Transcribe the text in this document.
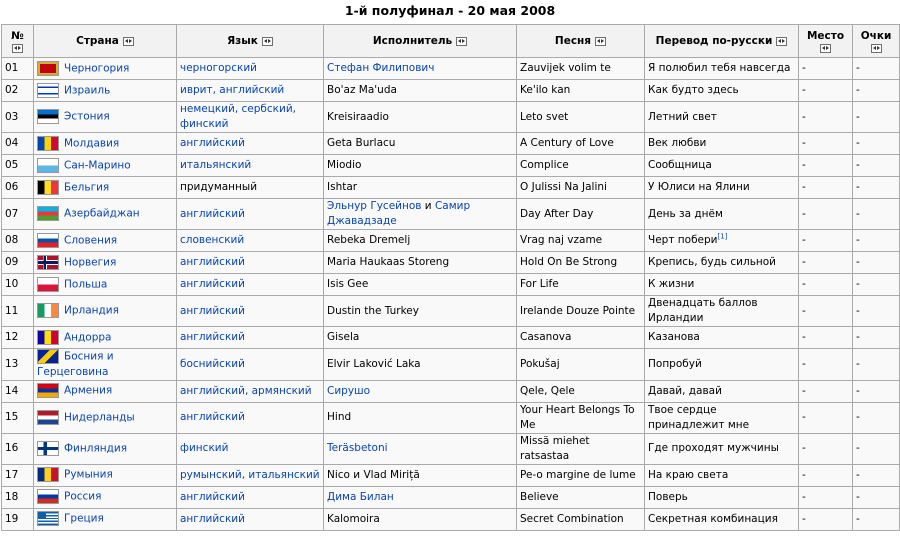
1-й полуфинал - 20 мая 2008
№	Страна	Язык	Исполнитель	Песня	Перевод по-русски	Место	Очки

01	Черногория	черногорский	Стефан Филипович	Zauvijek volim te	Я полюбил тебя навсегда	-	-
02	Израиль	иврит, английский	Bo'az Ma'uda	Ke'ilo kan	Как будто здесь	-	-
03	Эстония	немецкий, сербский, финский	Kreisiraadio	Leto svet	Летний свет	-	-
04	Молдавия	английский	Geta Burlacu	A Century of Love	Век любви	-	-
05	Сан-Марино	итальянский	Miodio	Complice	Сообщница	-	-
06	Бельгия	придуманный	Ishtar	O Julissi Na Jalini	У Юлиси на Ялини	-	-
07	Азербайджан	английский	Эльнур Гусейнов и Самир Джавадзаде	Day After Day	День за днём	-	-
08	Словения	словенский	Rebeka Dremelj	Vrag naj vzame	Черт побери[1]	-	-
09	Норвегия	английский	Maria Haukaas Storeng	Hold On Be Strong	Крепись, будь сильной	-	-
10	Польша	английский	Isis Gee	For Life	К жизни	-	-
11	Ирландия	английский	Dustin the Turkey	Irelande Douze Pointe	Двенадцать баллов Ирландии	-	-
12	Андорра	английский	Gisela	Casanova	Казанова	-	-
13	Босния и Герцеговина	боснийский	Elvir Laković Laka	Pokušaj	Попробуй	-	-
14	Армения	английский, армянский	Сирушо	Qele, Qele	Давай, давай	-	-
15	Нидерланды	английский	Hind	Your Heart Belongs To Me	Твое сердце принадлежит мне	-	-
16	Финляндия	финский	Teräsbetoni	Missä miehet ratsastaa	Где проходят мужчины	-	-
17	Румыния	румынский, итальянский	Nico и Vlad Miriță	Pe-o margine de lume	На краю света	-	-
18	Россия	английский	Дима Билан	Believe	Поверь	-	-
19	Греция	английский	Kalomoira	Secret Combination	Секретная комбинация	-	-
